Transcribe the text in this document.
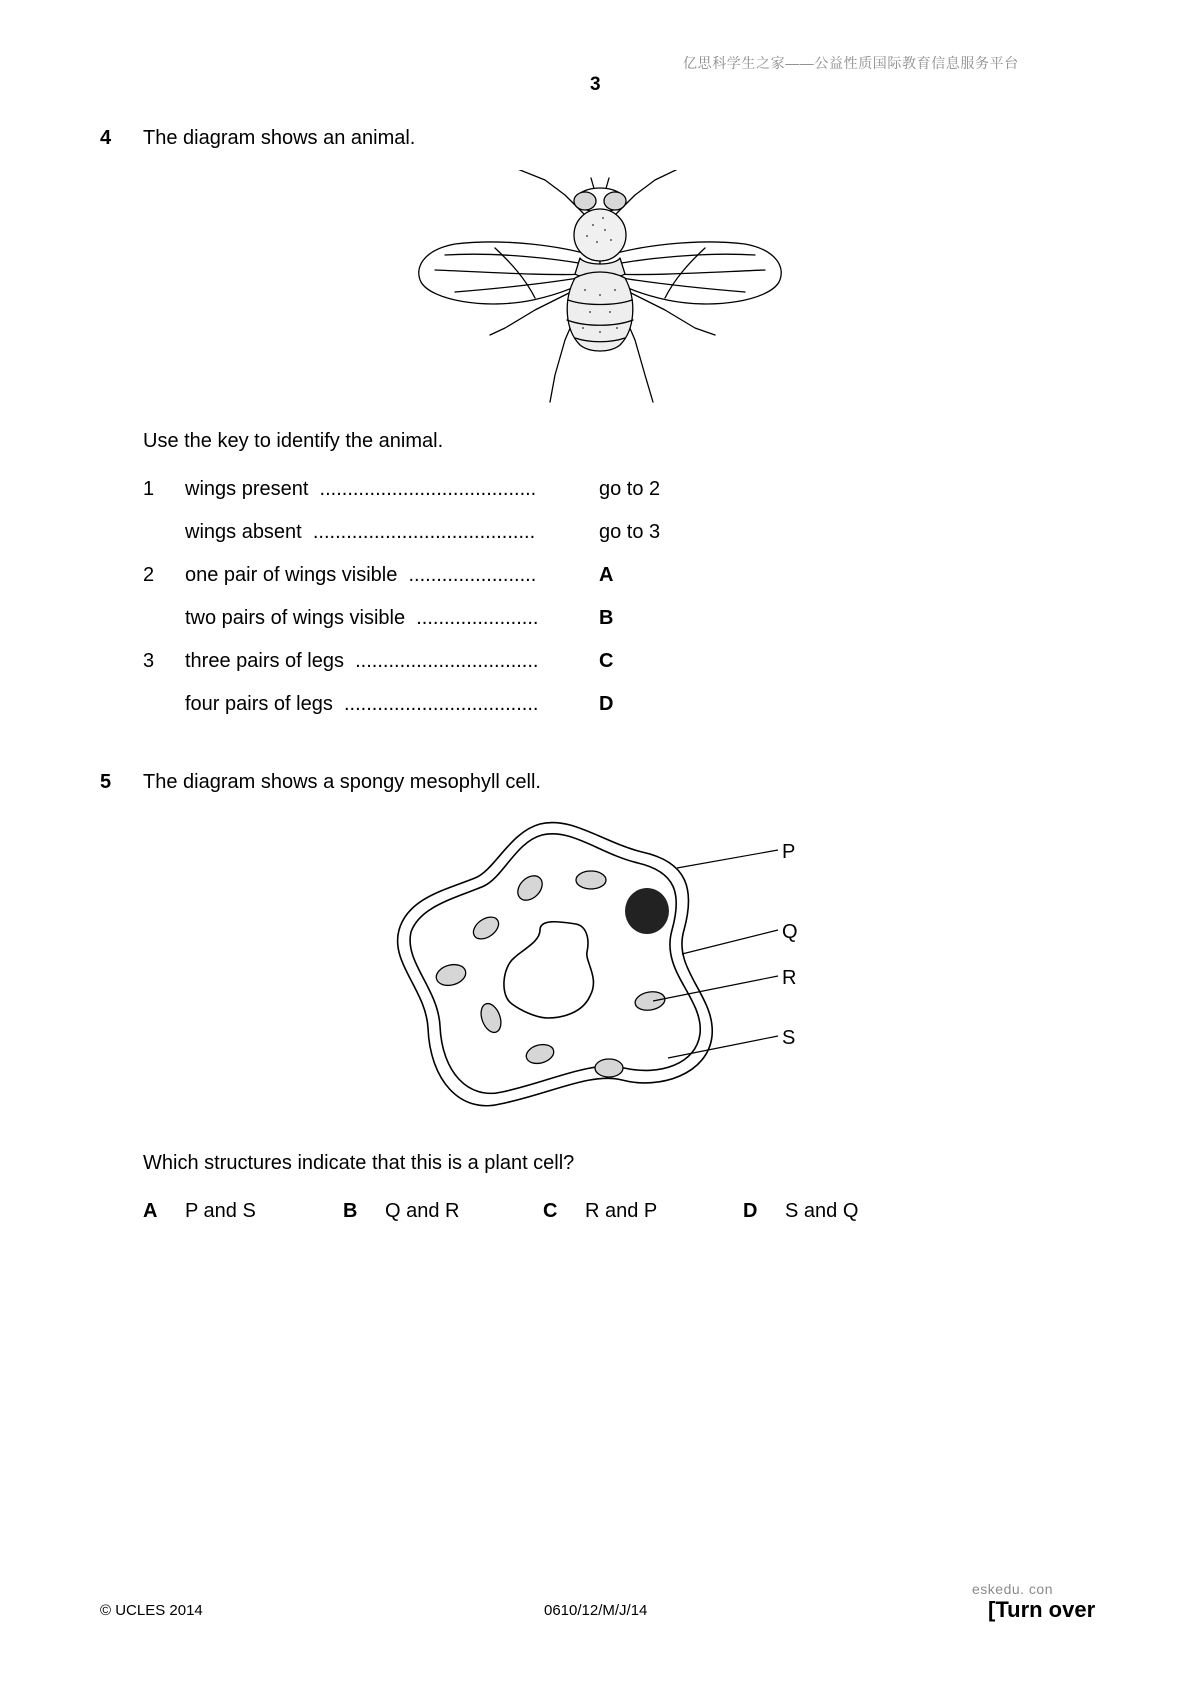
亿思科学生之家——公益性质国际教育信息服务平台
3
4 The diagram shows an animal.
Use the key to identify the animal.
1 wings present .......................................	go to 2
wings absent ........................................	go to 3
2 one pair of wings visible .......................	A
two pairs of wings visible ......................	B
3 three pairs of legs .................................	C
four pairs of legs ...................................	D
5 The diagram shows a spongy mesophyll cell.
P
Q
R
S
Which structures indicate that this is a plant cell?
A P and S	B Q and R	C R and P	D S and Q
© UCLES 2014	0610/12/M/J/14
eskedu. con
[Turn over
